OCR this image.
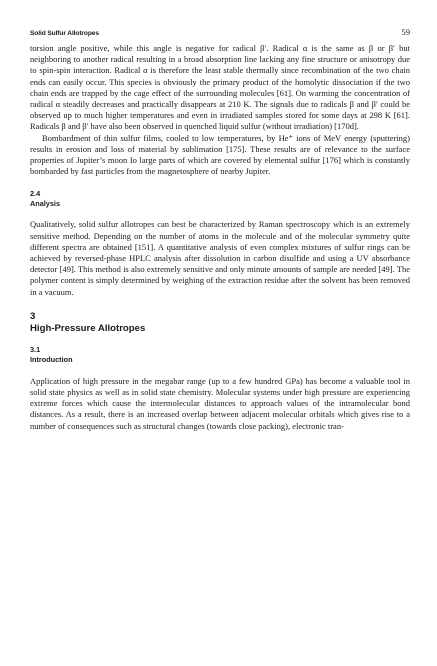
Solid Sulfur Allotropes	59

torsion angle positive, while this angle is negative for radical β′. Radical α is the same as β or β′ but neighboring to another radical resulting in a broad absorption line lacking any fine structure or anisotropy due to spin-spin interaction. Radical α is therefore the least stable thermally since recombination of the two chain ends can easily occur. This species is obviously the primary product of the homolytic dissociation if the two chain ends are trapped by the cage effect of the surrounding molecules [61]. On warming the concentration of radical α steadily decreases and practically disappears at 210 K. The signals due to radicals β and β′ could be observed up to much higher temperatures and even in irradiated samples stored for some days at 298 K [61]. Radicals β and β′ have also been observed in quenched liquid sulfur (without irradiation) [170d].

Bombardment of thin sulfur films, cooled to low temperatures, by He⁺ ions of MeV energy (sputtering) results in erosion and loss of material by sublimation [175]. These results are of relevance to the surface properties of Jupiter’s moon Io large parts of which are covered by elemental sulfur [176] which is constantly bombarded by fast particles from the magnetosphere of nearby Jupiter.

2.4

Analysis

Qualitatively, solid sulfur allotropes can best be characterized by Raman spectroscopy which is an extremely sensitive method. Depending on the number of atoms in the molecule and of the molecular symmetry quite different spectra are obtained [151]. A quantitative analysis of even complex mixtures of sulfur rings can be achieved by reversed-phase HPLC analysis after dissolution in carbon disulfide and using a UV absorbance detector [49]. This method is also extremely sensitive and only minute amounts of sample are needed [49]. The polymer content is simply determined by weighing of the extraction residue after the solvent has been removed in a vacuum.

3

High-Pressure Allotropes

3.1

Introduction

Application of high pressure in the megabar range (up to a few hundred GPa) has become a valuable tool in solid state physics as well as in solid state chemistry. Molecular systems under high pressure are experiencing extreme forces which cause the intermolecular distances to approach values of the intramolecular bond distances. As a result, there is an increased overlap between adjacent molecular orbitals which gives rise to a number of consequences such as structural changes (towards close packing), electronic tran-
